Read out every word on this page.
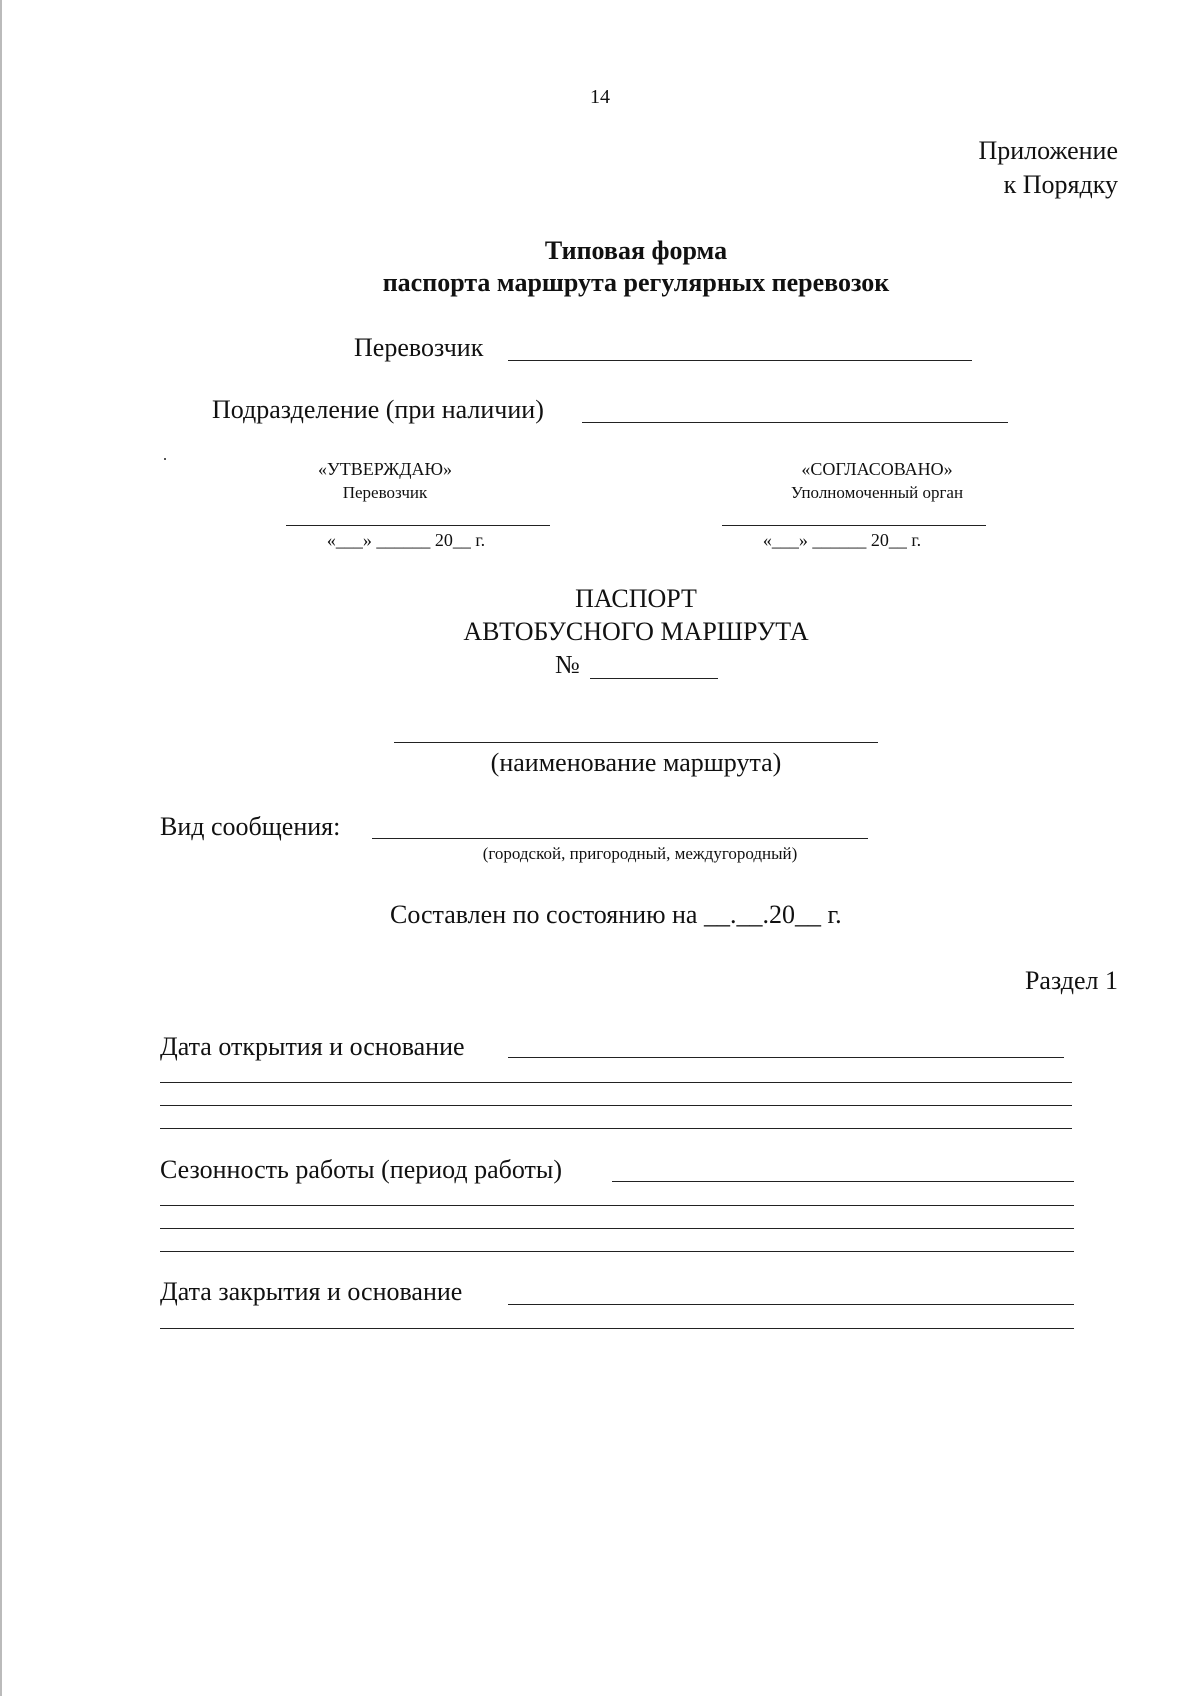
14
Приложение
к Порядку
Типовая форма
паспорта маршрута регулярных перевозок
Перевозчик
Подразделение (при наличии)
«УТВЕРЖДАЮ»
Перевозчик
«___» ______ 20__ г.
«СОГЛАСОВАНО»
Уполномоченный орган
«___» ______ 20__ г.
ПАСПОРТ
АВТОБУСНОГО МАРШРУТА
№
(наименование маршрута)
Вид сообщения:
(городской, пригородный, междугородный)
Составлен по состоянию на __.__.20__ г.
Раздел 1
Дата открытия и основание
Сезонность работы (период работы)
Дата закрытия и основание
